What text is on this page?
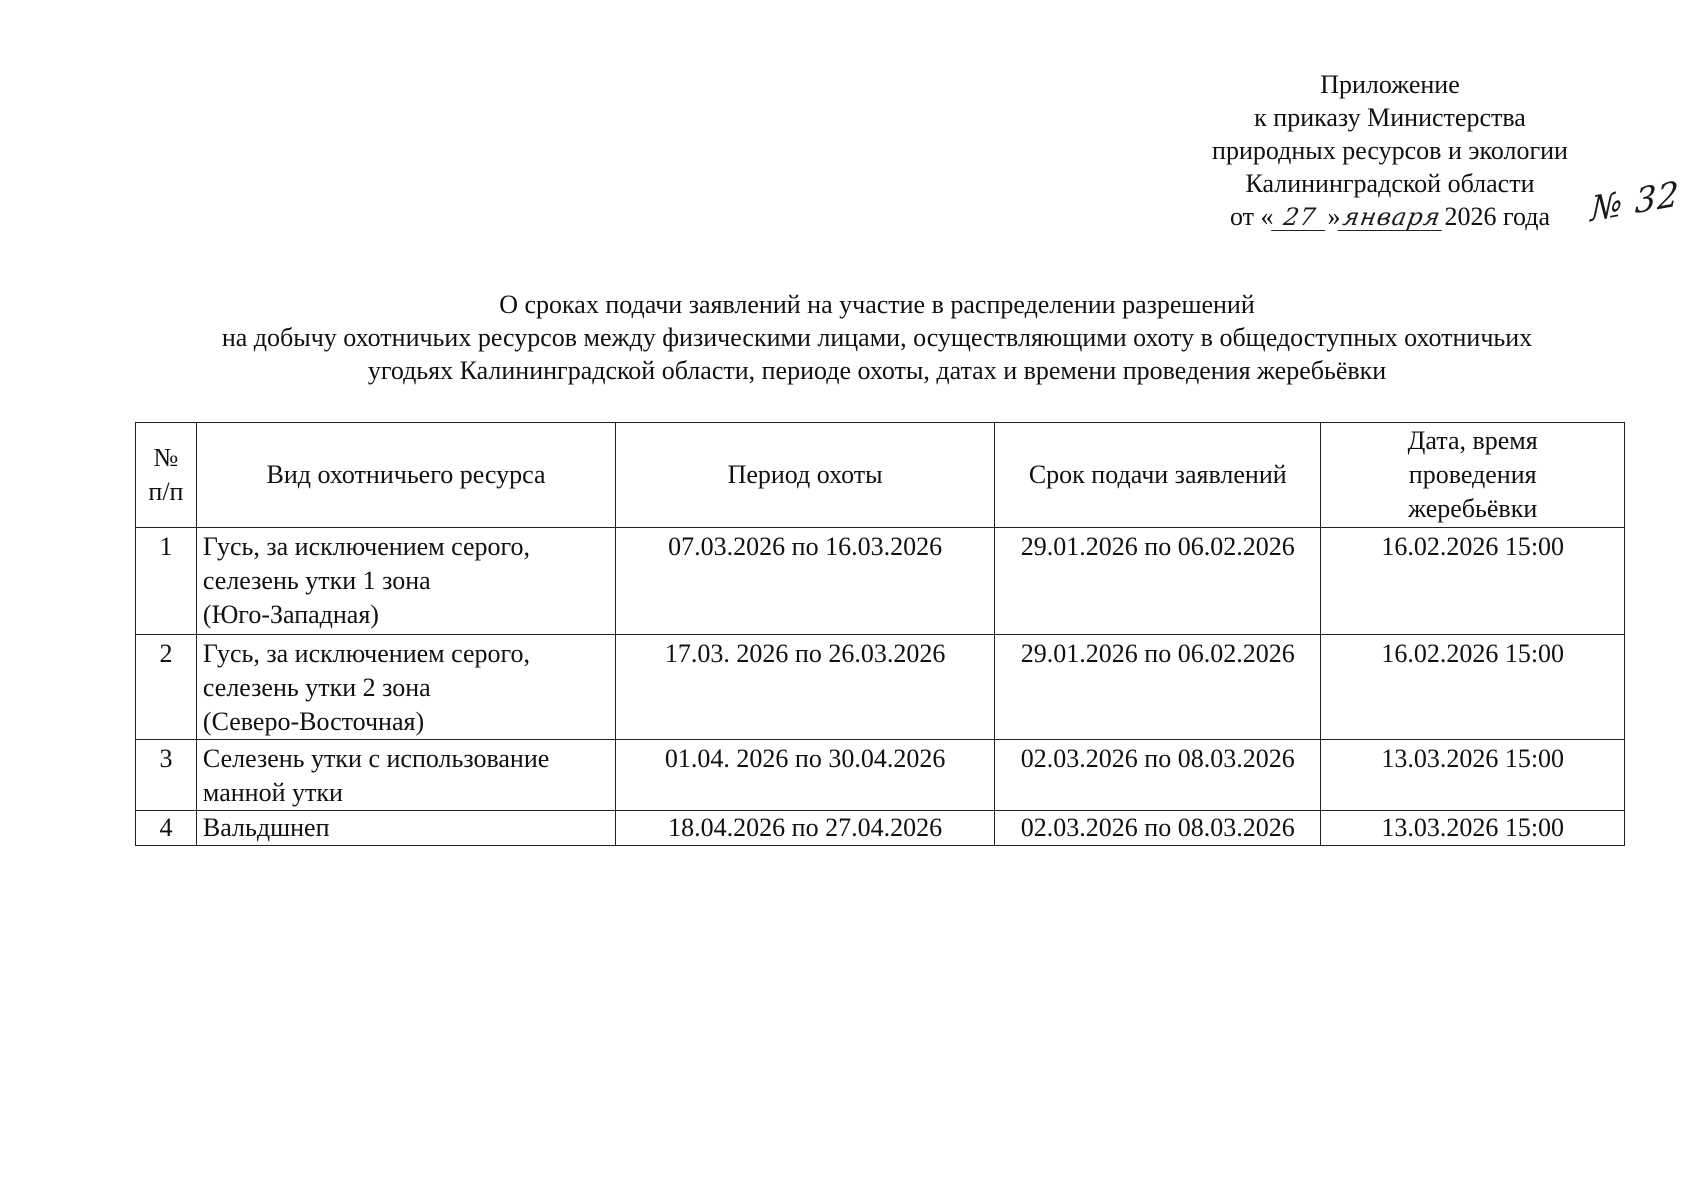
Приложение
к приказу Министерства
природных ресурсов и экологии
Калининградской области
от « 27 »января2026 года № 32
О сроках подачи заявлений на участие в распределении разрешений
на добычу охотничьих ресурсов между физическими лицами, осуществляющими охоту в общедоступных охотничьих
угодьях Калининградской области, периоде охоты, датах и времени проведения жеребьёвки
№
п/п	Вид охотничьего ресурса	Период охоты	Срок подачи заявлений	Дата, время
проведения
жеребьёвки
1	Гусь, за исключением серого,
селезень утки 1 зона
(Юго-Западная)	07.03.2026 по 16.03.2026	29.01.2026 по 06.02.2026	16.02.2026 15:00
2	Гусь, за исключением серого,
селезень утки 2 зона
(Северо-Восточная)	17.03. 2026 по 26.03.2026	29.01.2026 по 06.02.2026	16.02.2026 15:00
3	Селезень утки с использование
манной утки	01.04. 2026 по 30.04.2026	02.03.2026 по 08.03.2026	13.03.2026 15:00
4	Вальдшнеп	18.04.2026 по 27.04.2026	02.03.2026 по 08.03.2026	13.03.2026 15:00
